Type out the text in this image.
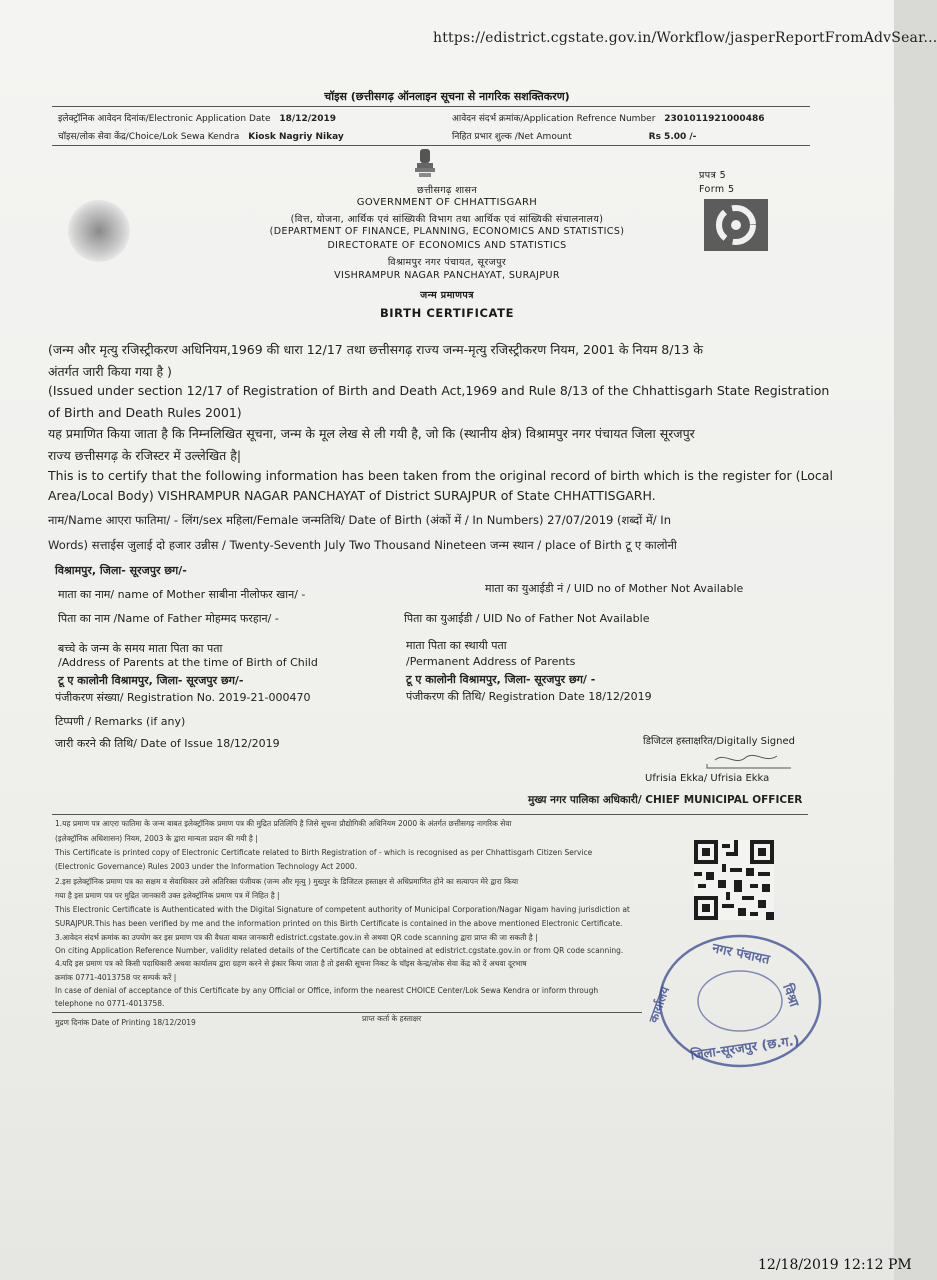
https://edistrict.cgstate.gov.in/Workflow/jasperReportFromAdvSear...
चॉइस (छत्तीसगढ़ ऑनलाइन सूचना से नागरिक सशक्तिकरण)
इलेक्ट्रॉनिक आवेदन दिनांक/Electronic Application Date 18/12/2019	आवेदन संदर्भ क्रमांक/Application Refrence Number 230101192100048​6
चॉइस/लोक सेवा केंद्र/Choice/Lok Sewa Kendra Kiosk Nagriy Nikay	निहित प्रभार शुल्क /Net Amount	Rs 5.00 /-
प्रपत्र 5
Form 5
छत्तीसगढ़ शासन
GOVERNMENT OF CHHATTISGARH
(वित्त, योजना, आर्थिक एवं सांख्यिकी विभाग तथा आर्थिक एवं सांख्यिकी संचालनालय)
(DEPARTMENT OF FINANCE, PLANNING, ECONOMICS AND STATISTICS)
DIRECTORATE OF ECONOMICS AND STATISTICS
विश्रामपुर नगर पंचायत, सूरजपुर
VISHRAMPUR NAGAR PANCHAYAT, SURAJPUR
जन्म प्रमाणपत्र
BIRTH CERTIFICATE
(जन्म और मृत्यु रजिस्ट्रीकरण अधिनियम,1969 की धारा 12/17 तथा छत्तीसगढ़ राज्य जन्म-मृत्यु रजिस्ट्रीकरण नियम, 2001 के नियम 8/13 के
अंतर्गत जारी किया गया है )
(Issued under section 12/17 of Registration of Birth and Death Act,1969 and Rule 8/13 of the Chhattisgarh State Registration
of Birth and Death Rules 2001)
यह प्रमाणित किया जाता है कि निम्नलिखित सूचना, जन्म के मूल लेख से ली गयी है, जो कि (स्थानीय क्षेत्र) विश्रामपुर नगर पंचायत जिला सूरजपुर
राज्य छत्तीसगढ़ के रजिस्टर में उल्लेखित है|
This is to certify that the following information has been taken from the original record of birth which is the register for (Local
Area/Local Body) VISHRAMPUR NAGAR PANCHAYAT of District SURAJPUR of State CHHATTISGARH.
नाम/Name आएरा फातिमा/ - लिंग/sex महिला/Female जन्मतिथि/ Date of Birth (अंकों में / In Numbers) 27/07/2019 (शब्दों में/ In
Words) सत्ताईस जुलाई दो हजार उन्नीस / Twenty-Seventh July Two Thousand Nineteen जन्म स्थान / place of Birth टू ए कालोनी
विश्रामपुर, जिला- सूरजपुर छग/-
माता का नाम/ name of Mother साबीना नीलोफर खान/ -	माता का युआईडी नं / UID no of Mother Not Available
पिता का नाम /Name of Father मोहम्मद फरहान/ -	पिता का युआईडी / UID No of Father Not Available
बच्चे के जन्म के समय माता पिता का पता
/Address of Parents at the time of Birth of Child
टू ए कालोनी विश्रामपुर, जिला- सूरजपुर छग/-
माता पिता का स्थायी पता
/Permanent Address of Parents
टू ए कालोनी विश्रामपुर, जिला- सूरजपुर छग/ -
पंजीकरण संख्या/ Registration No. 2019-21-000470	पंजीकरण की तिथि/ Registration Date 18/12/2019
टिप्पणी / Remarks (if any)
जारी करने की तिथि/ Date of Issue 18/12/2019	डिजिटल हस्ताक्षरित/Digitally Signed
Ufrisia Ekka/ Ufrisia Ekka
मुख्य नगर पालिका अधिकारी/ CHIEF MUNICIPAL OFFICER
1.यह प्रमाण पत्र आएरा फातिमा के जन्म बाबत इलेक्ट्रॉनिक प्रमाण पत्र की मुद्रित प्रतिलिपि है जिसे सूचना प्रौद्योगिकी अधिनियम 2000 के अंतर्गत छत्तीसगढ़ नागरिक सेवा
(इलेक्ट्रॉनिक अधिशासन) नियम, 2003 के द्वारा मान्यता प्रदान की गयी है |
This Certificate is printed copy of Electronic Certificate related to Birth Registration of - which is recognised as per Chhattisgarh Citizen Service
(Electronic Governance) Rules 2003 under the Information Technology Act 2000.
2.इस इलेक्ट्रॉनिक प्रमाण पत्र का सक्षम व सेवाधिकार उसे अतिरिक्त पंजीयक (जन्म और मृत्यु ) मुख्पुर के डिजिटल हस्ताक्षर से अधिप्रमाणित होने का सत्यापन मेरे द्वारा किया
गया है इस प्रमाण पत्र पर मुद्रित जानकारी उक्त इलेक्ट्रॉनिक प्रमाण पत्र में निहित है |
This Electronic Certificate is Authenticated with the Digital Signature of competent authority of Municipal Corporation/Nagar Nigam having jurisdiction at
SURAJPUR.This has been verified by me and the information printed on this Birth Certificate is contained in the above mentioned Electronic Certificate.
3.आवेदन संदर्भ क्रमांक का उपयोग कर इस प्रमाण पत्र की वैधता बाबत जानकारी edistrict.cgstate.gov.in से अथवा QR code scanning द्वारा प्राप्त की जा सकती है |
On citing Application Reference Number, validity related details of the Certificate can be obtained at edistrict.cgstate.gov.in or from QR code scanning.
4.यदि इस प्रमाण पत्र को किसी पदाधिकारी अथवा कार्यालय द्वारा ग्रहण करने से इंकार किया जाता है तो इसकी सूचना निकट के चॉइस केन्द्र/लोक सेवा केंद्र को दें अथवा दूरभाष
क्रमांक 0771-4013758 पर सम्पर्क करें |
In case of denial of acceptance of this Certificate by any Official or Office, inform the nearest CHOICE Center/Lok Sewa Kendra or inform through
telephone no 0771-4013758.
मुद्रण दिनांक Date of Printing 18/12/2019	प्राप्त कर्ता के हस्ताक्षर
नगर पंचायत
विश्रा
कार्यालय
जिला-सूरजपुर (छ.ग.)
12/18/2019 12:12 PM
